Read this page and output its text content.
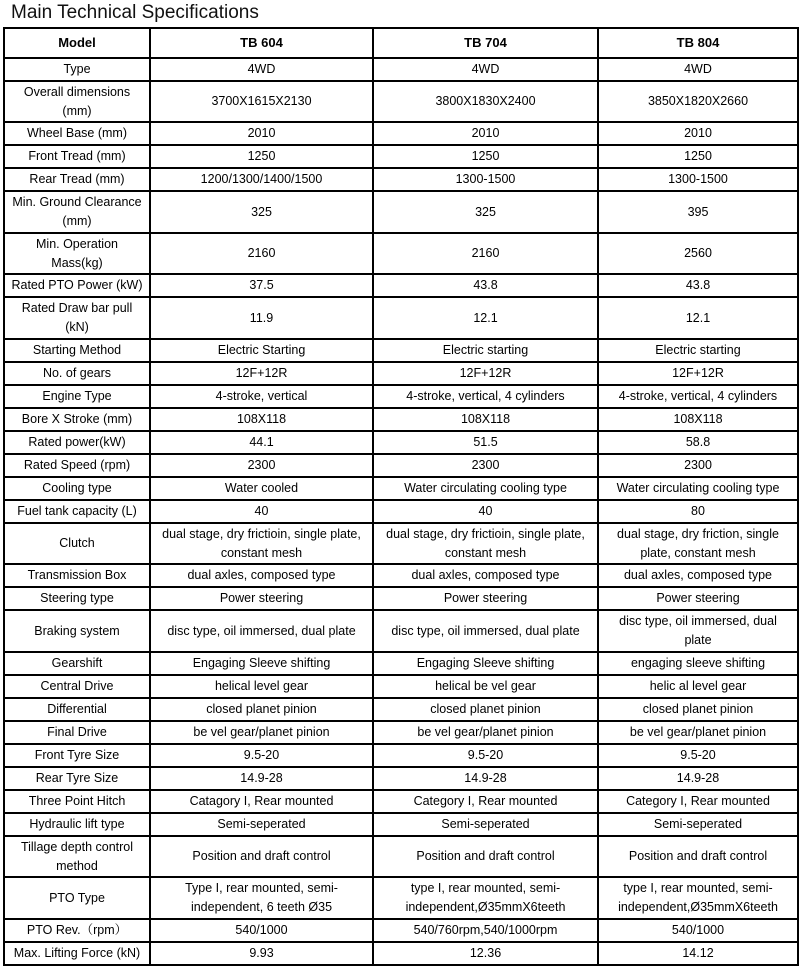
Main Technical Specifications
Model	TB 604	TB 704	TB 804
Type	4WD	4WD	4WD
Overall dimensions (mm)	3700X1615X2130	3800X1830X2400	3850X1820X2660
Wheel Base (mm)	2010	2010	2010
Front Tread (mm)	1250	1250	1250
Rear Tread (mm)	1200/1300/1400/1500	1300-1500	1300-1500
Min. Ground Clearance (mm)	325	325	395
Min. Operation Mass(kg)	2160	2160	2560
Rated PTO Power (kW)	37.5	43.8	43.8
Rated Draw bar pull (kN)	11.9	12.1	12.1
Starting Method	Electric Starting	Electric starting	Electric starting
No. of gears	12F+12R	12F+12R	12F+12R
Engine Type	4-stroke, vertical	4-stroke, vertical, 4 cylinders	4-stroke, vertical, 4 cylinders
Bore X Stroke (mm)	108X118	108X118	108X118
Rated power(kW)	44.1	51.5	58.8
Rated Speed (rpm)	2300	2300	2300
Cooling type	Water cooled	Water circulating cooling type	Water circulating cooling type
Fuel tank capacity (L)	40	40	80
Clutch	dual stage, dry frictioin, single plate, constant mesh	dual stage, dry frictioin, single plate, constant mesh	dual stage, dry friction, single plate, constant mesh
Transmission Box	dual axles, composed type	dual axles, composed type	dual axles, composed type
Steering type	Power steering	Power steering	Power steering
Braking system	disc type, oil immersed, dual plate	disc type, oil immersed, dual plate	disc type, oil immersed, dual plate
Gearshift	Engaging Sleeve shifting	Engaging Sleeve shifting	engaging sleeve shifting
Central Drive	helical level gear	helical be vel gear	helic al level gear
Differential	closed planet pinion	closed planet pinion	closed planet pinion
Final Drive	be vel gear/planet pinion	be vel gear/planet pinion	be vel gear/planet pinion
Front Tyre Size	9.5-20	9.5-20	9.5-20
Rear Tyre Size	14.9-28	14.9-28	14.9-28
Three Point Hitch	Catagory I, Rear mounted	Category I, Rear mounted	Category I, Rear mounted
Hydraulic lift type	Semi-seperated	Semi-seperated	Semi-seperated
Tillage depth control method	Position and draft control	Position and draft control	Position and draft control
PTO Type	Type I, rear mounted, semi-independent, 6 teeth Ø35	type I, rear mounted, semi-independent,Ø35mmX6teeth	type I, rear mounted, semi-independent,Ø35mmX6teeth
PTO Rev.（rpm）	540/1000	540/760rpm,540/1000rpm	540/1000
Max. Lifting Force (kN)	9.93	12.36	14.12
